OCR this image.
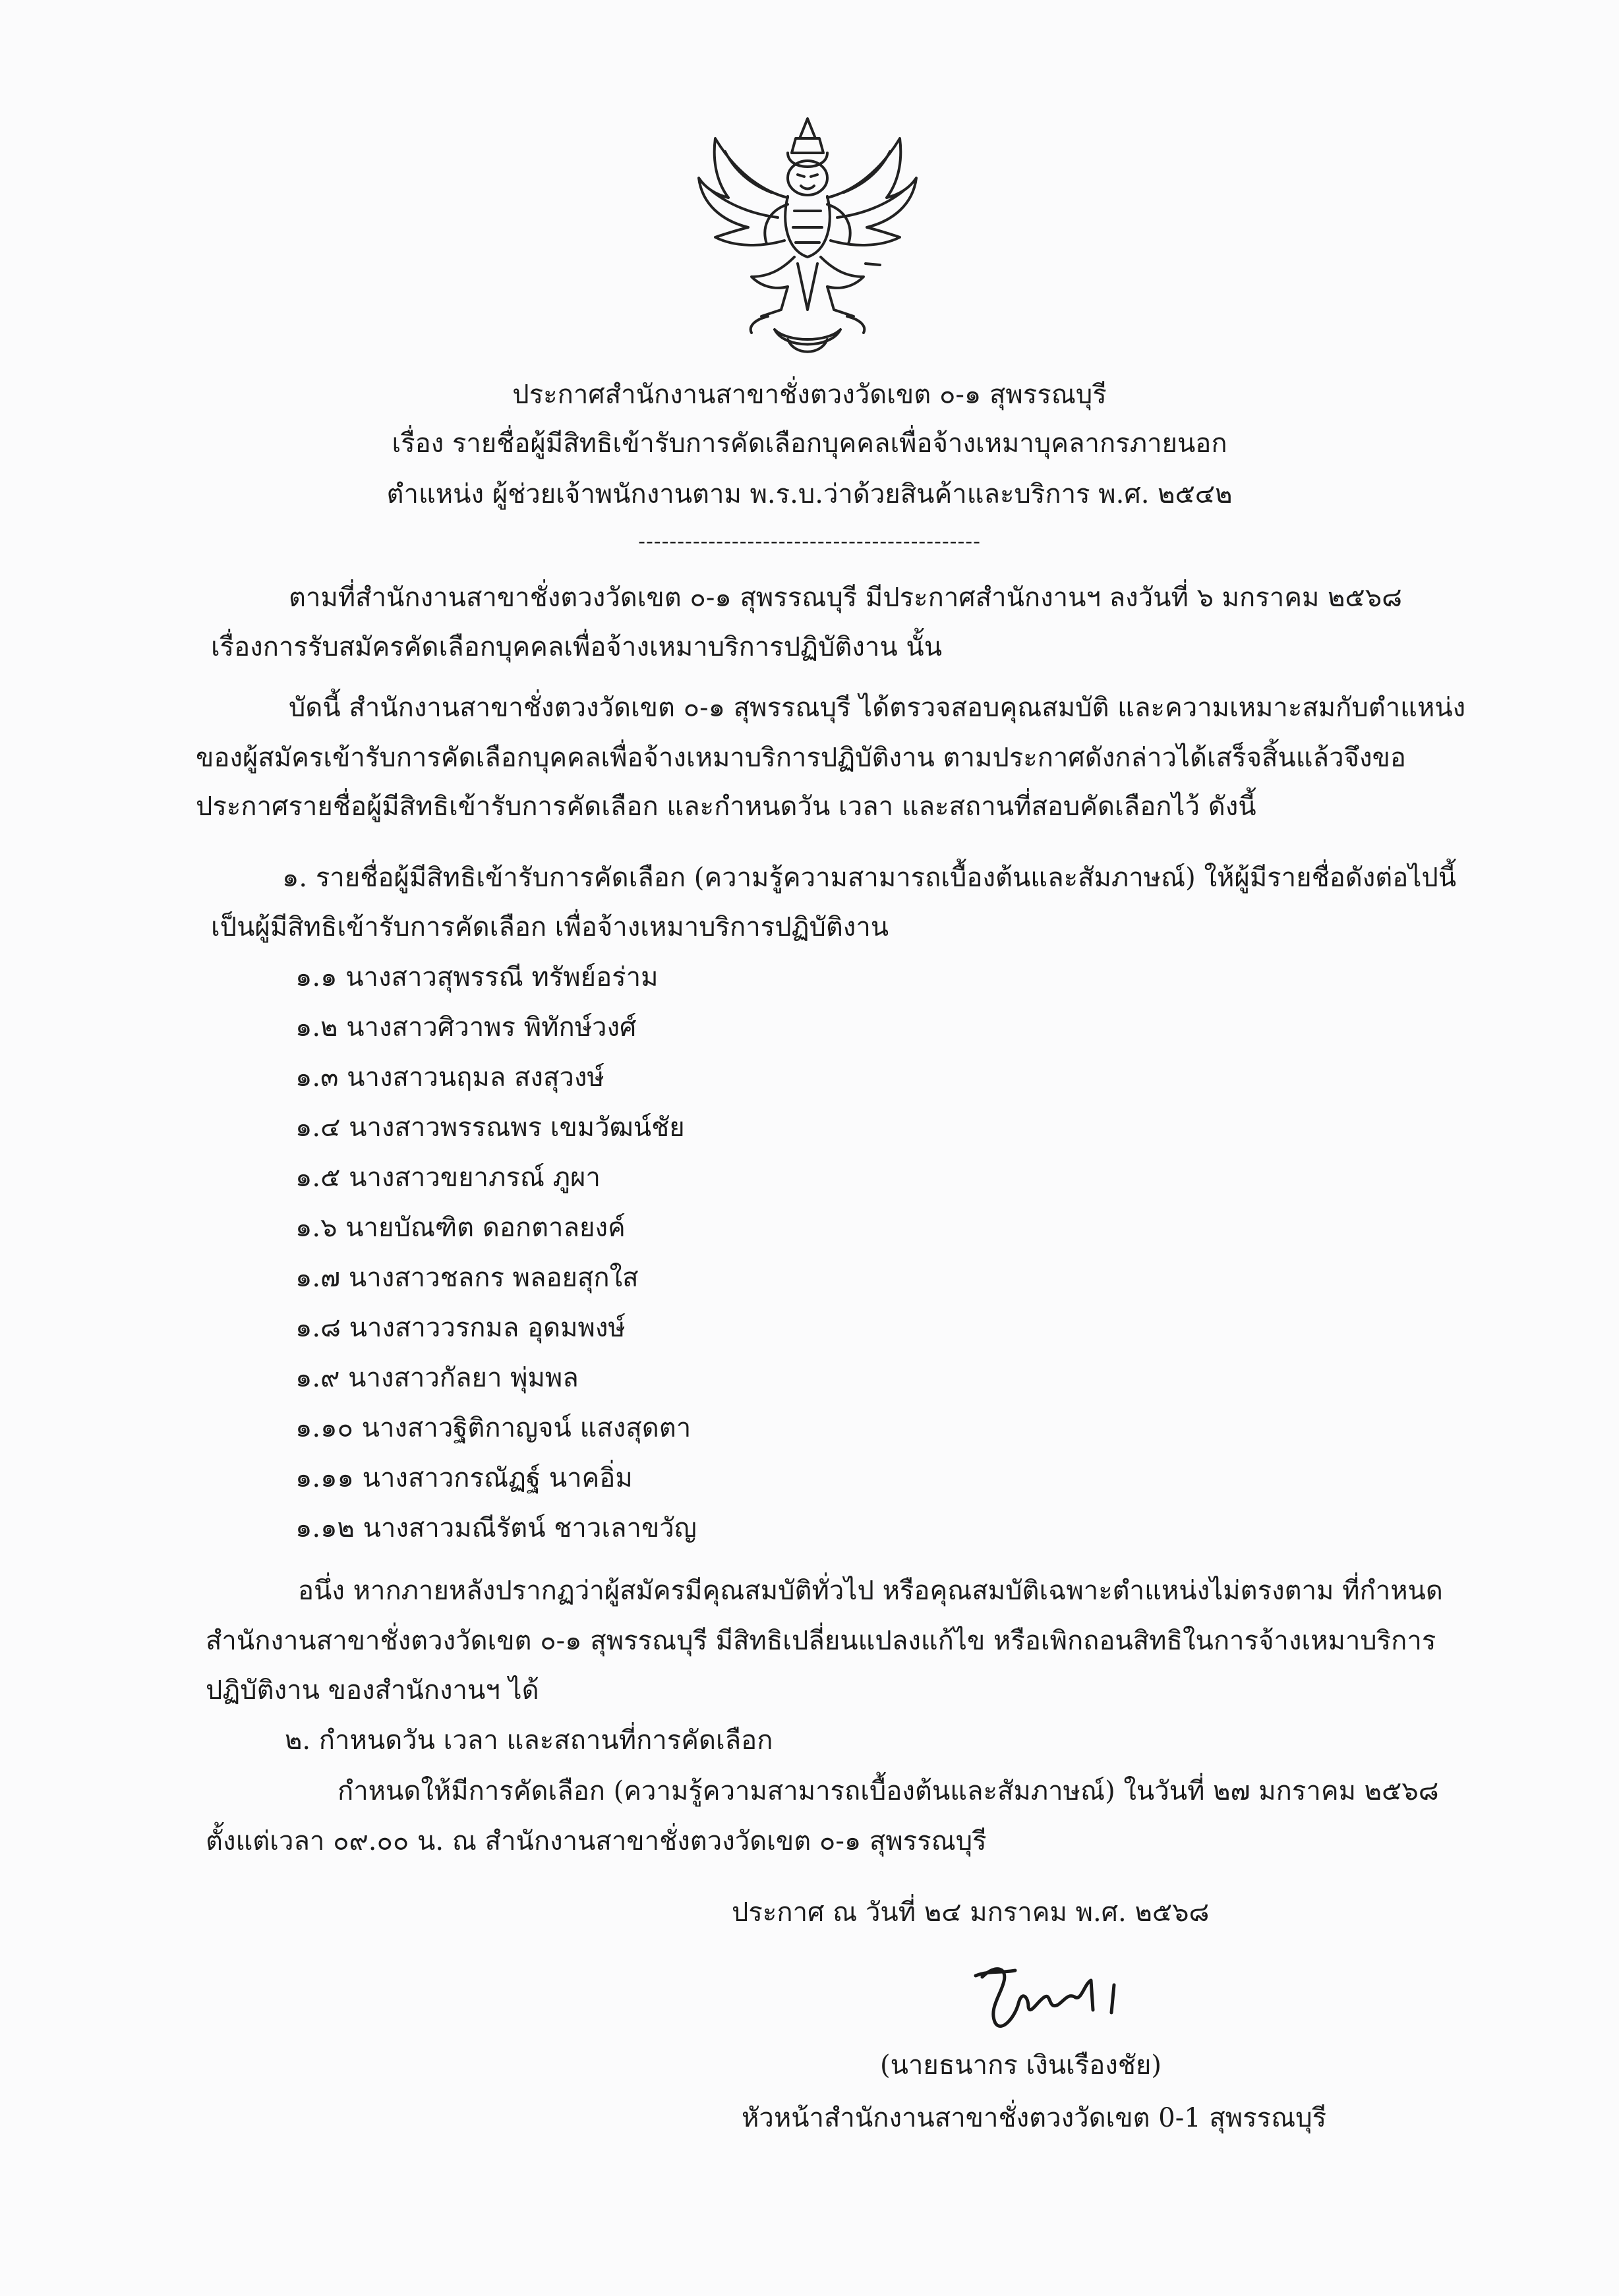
ประกาศสำนักงานสาขาชั่งตวงวัดเขต ๐-๑ สุพรรณบุรี
เรื่อง รายชื่อผู้มีสิทธิเข้ารับการคัดเลือกบุคคลเพื่อจ้างเหมาบุคลากรภายนอก
ตำแหน่ง ผู้ช่วยเจ้าพนักงานตาม พ.ร.บ.ว่าด้วยสินค้าและบริการ พ.ศ. ๒๕๔๒
--------------------------------------------
ตามที่สำนักงานสาขาชั่งตวงวัดเขต ๐-๑ สุพรรณบุรี มีประกาศสำนักงานฯ ลงวันที่ ๖ มกราคม ๒๕๖๘
เรื่องการรับสมัครคัดเลือกบุคคลเพื่อจ้างเหมาบริการปฏิบัติงาน นั้น
บัดนี้ สำนักงานสาขาชั่งตวงวัดเขต ๐-๑ สุพรรณบุรี ได้ตรวจสอบคุณสมบัติ และความเหมาะสมกับตำแหน่ง
ของผู้สมัครเข้ารับการคัดเลือกบุคคลเพื่อจ้างเหมาบริการปฏิบัติงาน ตามประกาศดังกล่าวได้เสร็จสิ้นแล้วจึงขอ
ประกาศรายชื่อผู้มีสิทธิเข้ารับการคัดเลือก และกำหนดวัน เวลา และสถานที่สอบคัดเลือกไว้ ดังนี้
๑. รายชื่อผู้มีสิทธิเข้ารับการคัดเลือก (ความรู้ความสามารถเบื้องต้นและสัมภาษณ์) ให้ผู้มีรายชื่อดังต่อไปนี้
เป็นผู้มีสิทธิเข้ารับการคัดเลือก เพื่อจ้างเหมาบริการปฏิบัติงาน
๑.๑ นางสาวสุพรรณี ทรัพย์อร่าม
๑.๒ นางสาวศิวาพร พิทักษ์วงศ์
๑.๓ นางสาวนฤมล สงสุวงษ์
๑.๔ นางสาวพรรณพร เขมวัฒน์ชัย
๑.๕ นางสาวขยาภรณ์ ภูผา
๑.๖ นายบัณฑิต ดอกตาลยงค์
๑.๗ นางสาวชลกร พลอยสุกใส
๑.๘ นางสาววรกมล อุดมพงษ์
๑.๙ นางสาวกัลยา พุ่มพล
๑.๑๐ นางสาวฐิติกาญจน์ แสงสุดตา
๑.๑๑ นางสาวกรณัฏฐ์ นาคอิ่ม
๑.๑๒ นางสาวมณีรัตน์ ชาวเลาขวัญ
อนึ่ง หากภายหลังปรากฏว่าผู้สมัครมีคุณสมบัติทั่วไป หรือคุณสมบัติเฉพาะตำแหน่งไม่ตรงตาม ที่กำหนด
สำนักงานสาขาชั่งตวงวัดเขต ๐-๑ สุพรรณบุรี มีสิทธิเปลี่ยนแปลงแก้ไข หรือเพิกถอนสิทธิในการจ้างเหมาบริการ
ปฏิบัติงาน ของสำนักงานฯ ได้
๒. กำหนดวัน เวลา และสถานที่การคัดเลือก
กำหนดให้มีการคัดเลือก (ความรู้ความสามารถเบื้องต้นและสัมภาษณ์) ในวันที่ ๒๗ มกราคม ๒๕๖๘
ตั้งแต่เวลา ๐๙.๐๐ น. ณ สำนักงานสาขาชั่งตวงวัดเขต ๐-๑ สุพรรณบุรี
ประกาศ ณ วันที่ ๒๔ มกราคม พ.ศ. ๒๕๖๘
(นายธนากร เงินเรืองชัย)
หัวหน้าสำนักงานสาขาชั่งตวงวัดเขต 0-1 สุพรรณบุรี
